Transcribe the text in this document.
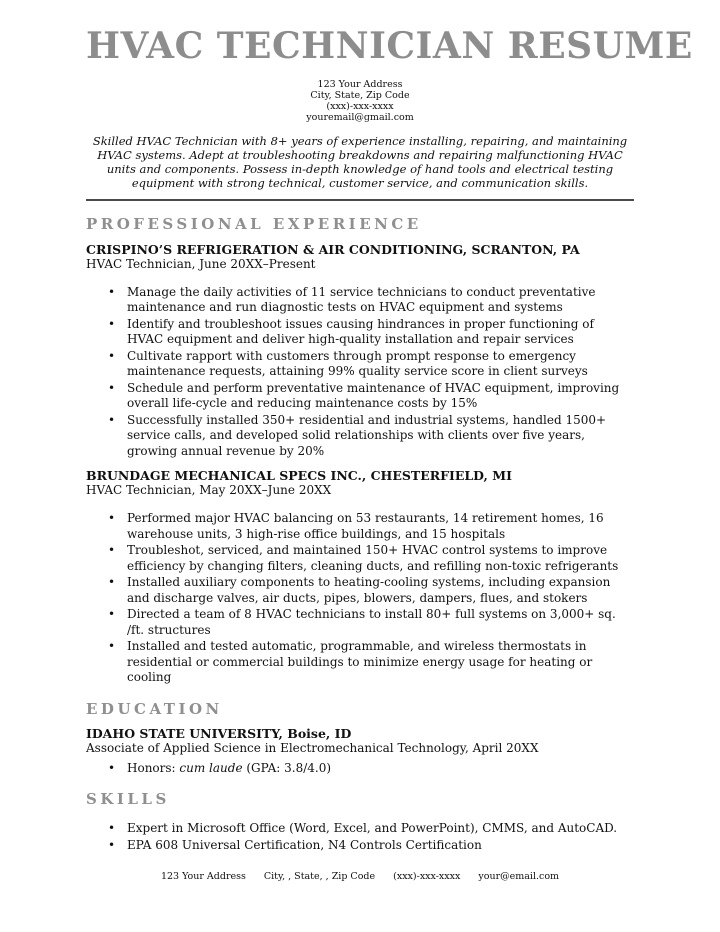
HVAC TECHNICIAN RESUME
123 Your Address
City, State, Zip Code
(xxx)-xxx-xxxx
youremail@gmail.com

Skilled HVAC Technician with 8+ years of experience installing, repairing, and maintaining HVAC systems. Adept at troubleshooting breakdowns and repairing malfunctioning HVAC units and components. Possess in-depth knowledge of hand tools and electrical testing equipment with strong technical, customer service, and communication skills.

PROFESSIONAL EXPERIENCE
CRISPINO’S REFRIGERATION & AIR CONDITIONING, SCRANTON, PA
HVAC Technician, June 20XX–Present
• Manage the daily activities of 11 service technicians to conduct preventative maintenance and run diagnostic tests on HVAC equipment and systems
• Identify and troubleshoot issues causing hindrances in proper functioning of HVAC equipment and deliver high-quality installation and repair services
• Cultivate rapport with customers through prompt response to emergency maintenance requests, attaining 99% quality service score in client surveys
• Schedule and perform preventative maintenance of HVAC equipment, improving overall life-cycle and reducing maintenance costs by 15%
• Successfully installed 350+ residential and industrial systems, handled 1500+ service calls, and developed solid relationships with clients over five years, growing annual revenue by 20%
BRUNDAGE MECHANICAL SPECS INC., CHESTERFIELD, MI
HVAC Technician, May 20XX–June 20XX
• Performed major HVAC balancing on 53 restaurants, 14 retirement homes, 16 warehouse units, 3 high-rise office buildings, and 15 hospitals
• Troubleshot, serviced, and maintained 150+ HVAC control systems to improve efficiency by changing filters, cleaning ducts, and refilling non-toxic refrigerants
• Installed auxiliary components to heating-cooling systems, including expansion and discharge valves, air ducts, pipes, blowers, dampers, flues, and stokers
• Directed a team of 8 HVAC technicians to install 80+ full systems on 3,000+ sq. /ft. structures
• Installed and tested automatic, programmable, and wireless thermostats in residential or commercial buildings to minimize energy usage for heating or cooling
EDUCATION
IDAHO STATE UNIVERSITY, Boise, ID
Associate of Applied Science in Electromechanical Technology, April 20XX
• Honors: cum laude (GPA: 3.8/4.0)
SKILLS
• Expert in Microsoft Office (Word, Excel, and PowerPoint), CMMS, and AutoCAD.
• EPA 608 Universal Certification, N4 Controls Certification
123 Your Address City, , State, , Zip Code (xxx)-xxx-xxxx your@email.com
